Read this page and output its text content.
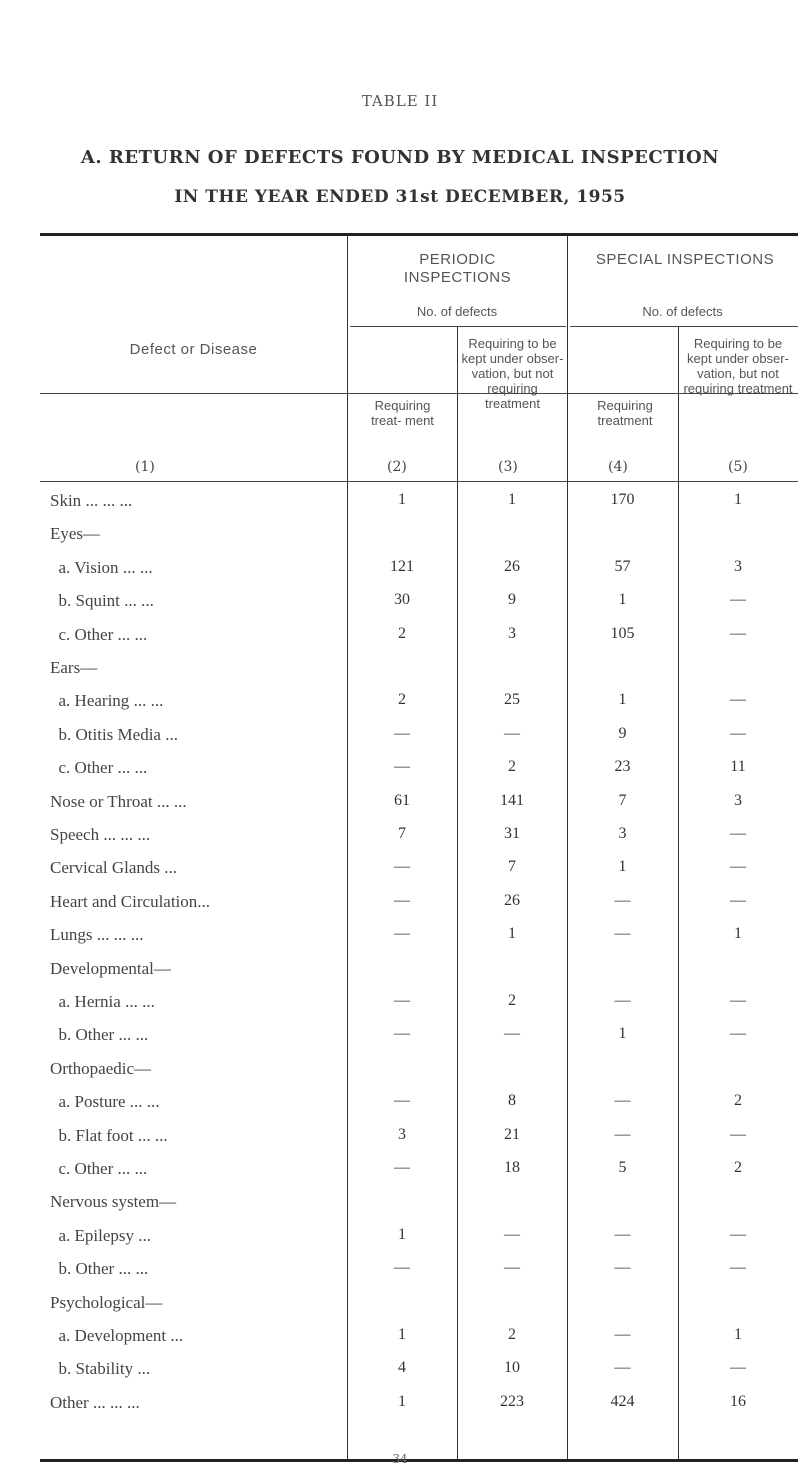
TABLE II
A. RETURN OF DEFECTS FOUND BY MEDICAL INSPECTION
IN THE YEAR ENDED 31st DECEMBER, 1955
Defect or Disease
PERIODIC INSPECTIONS
SPECIAL INSPECTIONS
No. of defects	No. of defects
Requiring treat- ment
Requiring to be kept under obser- vation, but not requiring treatment	Requiring treatment
Requiring to be kept under obser- vation, but not requiring treatment
(1)	(2)	(3)	(4)	(5)
Skin ... ... ...	1	1	170	1
Eyes—
a. Vision ... ...	121	26	57	3
b. Squint ... ...	30	9	1	—
c. Other ... ...	2	3	105	—
Ears—
a. Hearing ... ...	2	25	1	—
b. Otitis Media ...	—	—	9	—
c. Other ... ...	—	2	23	11
Nose or Throat ... ...	61	141	7	3
Speech ... ... ...	7	31	3	—
Cervical Glands ...	—	7	1	—
Heart and Circulation...	—	26	—	—
Lungs ... ... ...	—	1	—	1
Developmental—
a. Hernia ... ...	—	2	—	—
b. Other ... ...	—	—	1	—
Orthopaedic—
a. Posture ... ...	—	8	—	2
b. Flat foot ... ...	3	21	—	—
c. Other ... ...	—	18	5	2
Nervous system—
a. Epilepsy ...	1	—	—	—
b. Other ... ...	—	—	—	—
Psychological—
a. Development ...	1	2	—	1
b. Stability ...	4	10	—	—
Other ... ... ...	1	223	424	16
34
